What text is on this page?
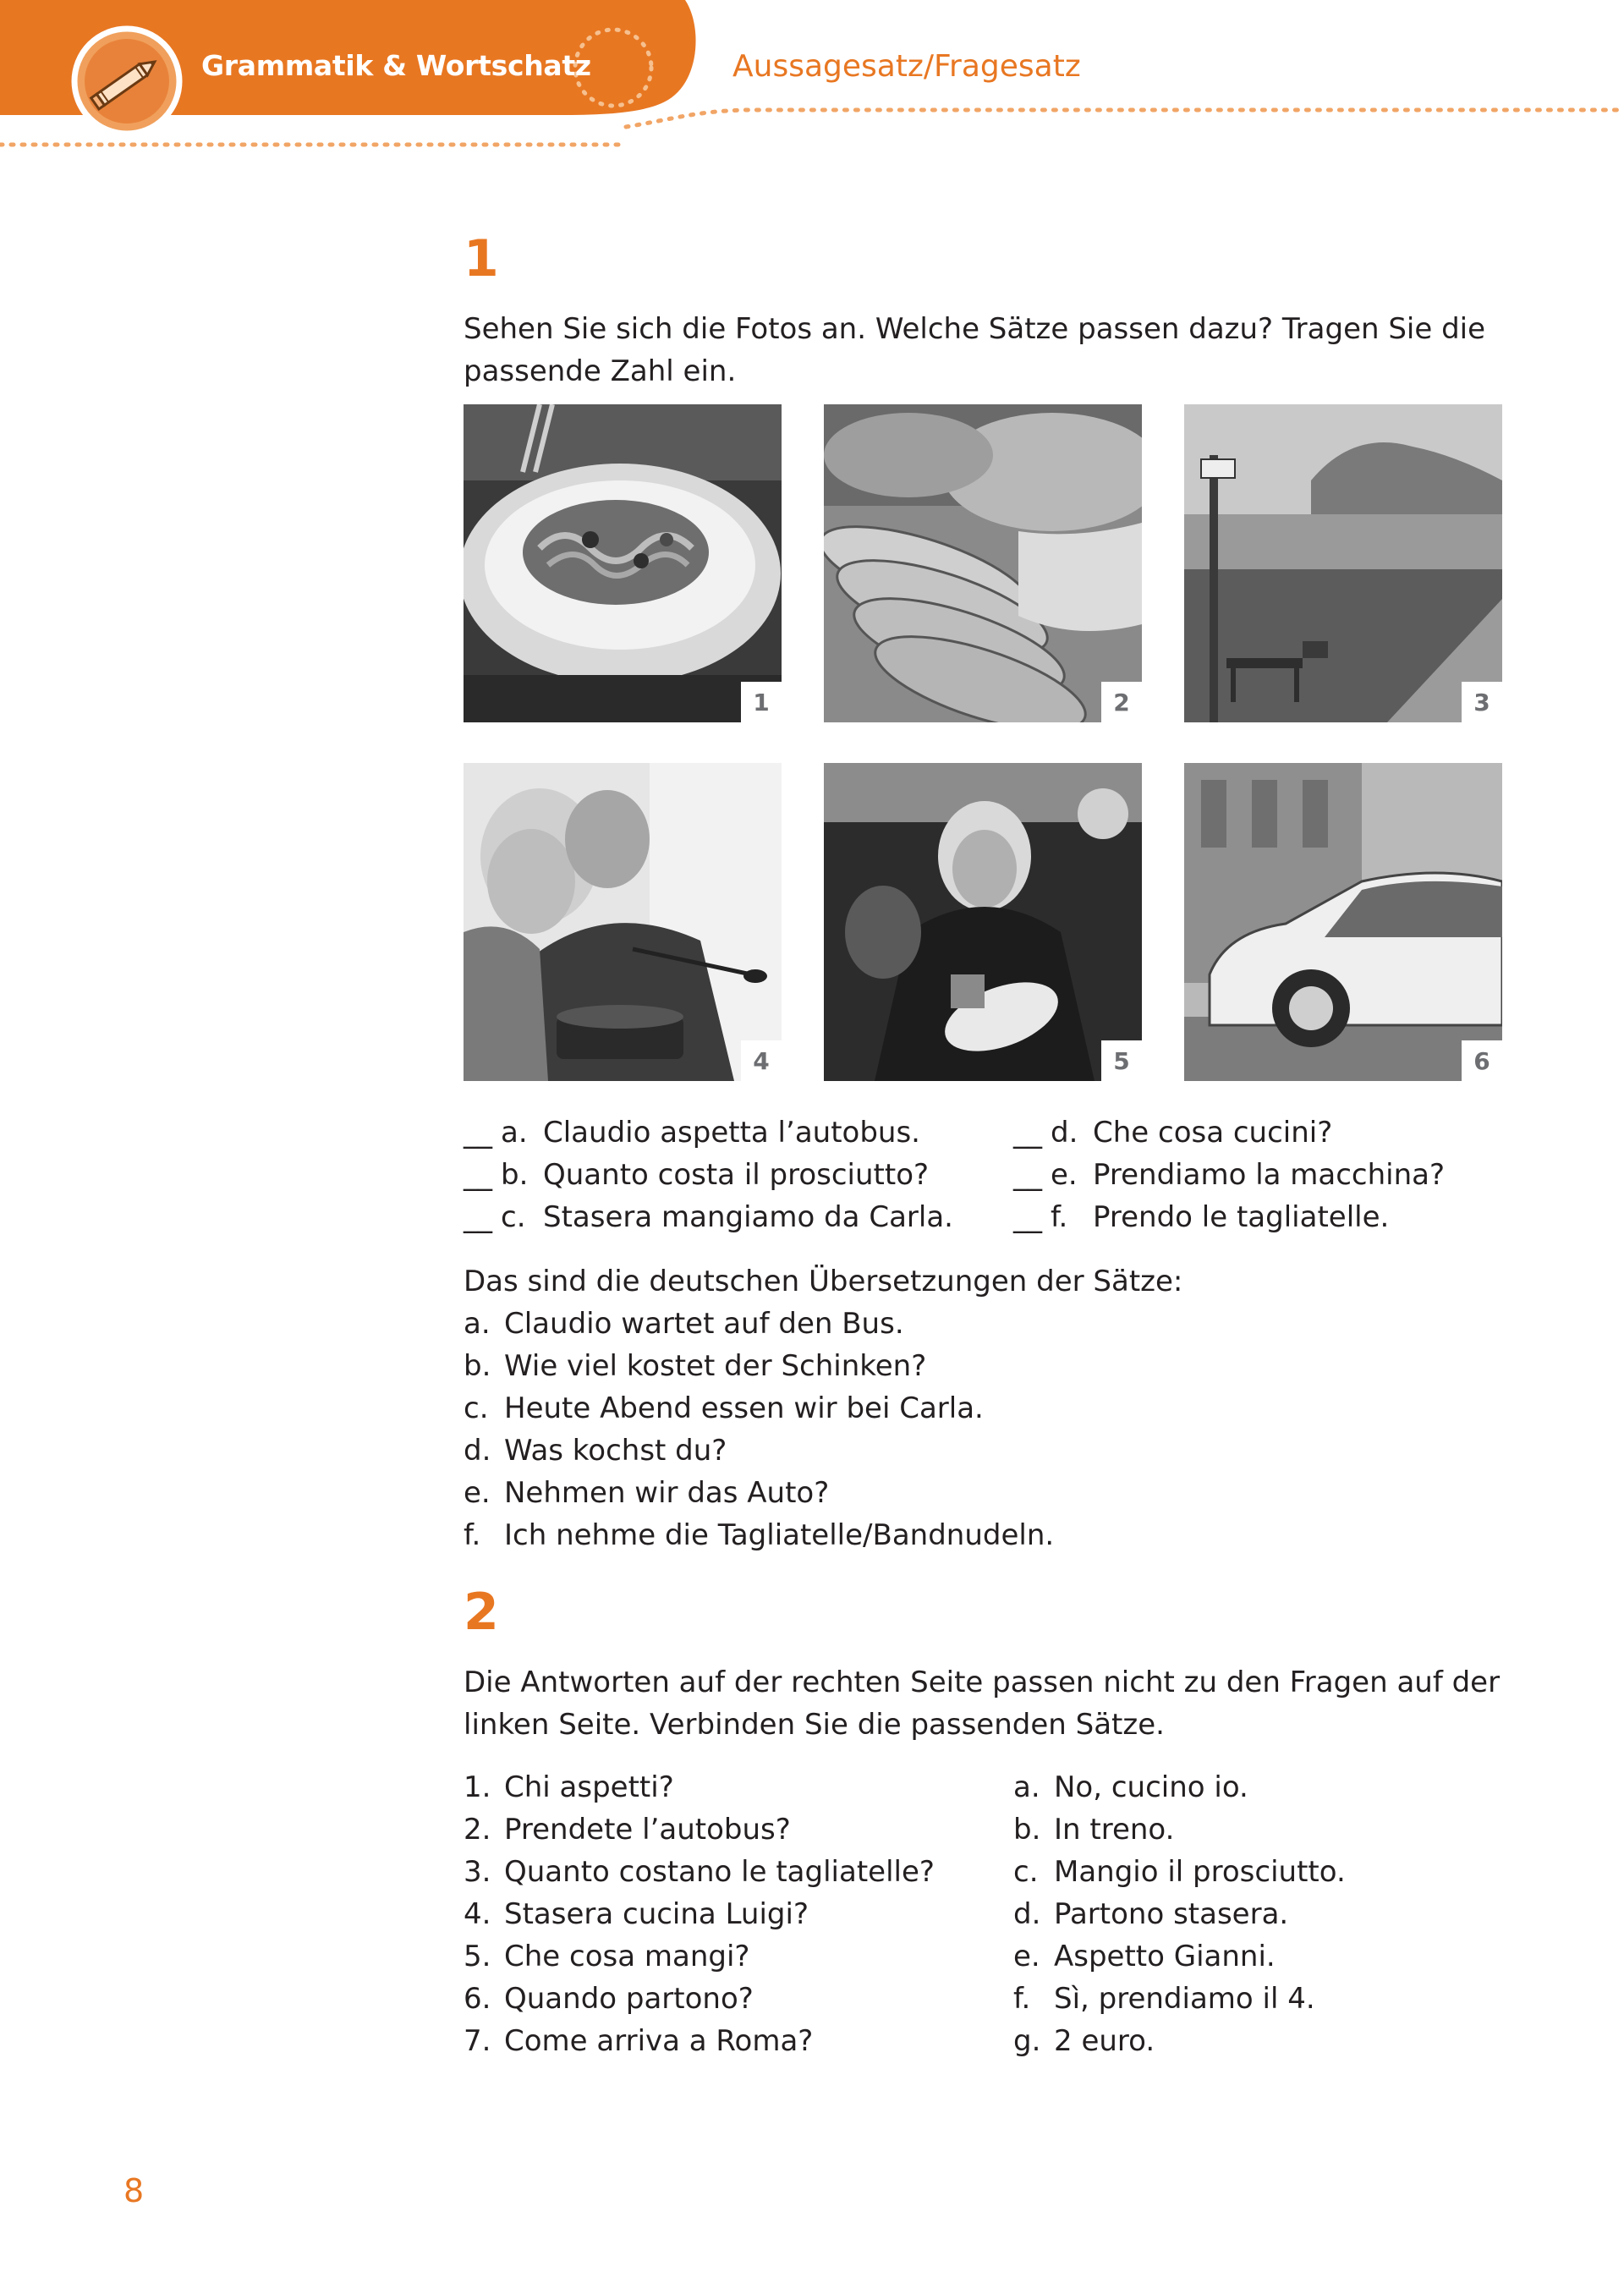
Grammatik & Wortschatz	Aussagesatz/Fragesatz
1

Sehen Sie sich die Fotos an. Welche Sätze passen dazu? Tragen Sie die

passende Zahl ein.

1	2	3
4	5	6
__ a. Claudio aspetta l’autobus.
__ b. Quanto costa il prosciutto?
__ c. Stasera mangiamo da Carla.
__ d. Che cosa cucini?
__ e. Prendiamo la macchina?
__ f. Prendo le tagliatelle.

Das sind die deutschen Übersetzungen der Sätze:

a. Claudio wartet auf den Bus.
b. Wie viel kostet der Schinken?
c. Heute Abend essen wir bei Carla.
d. Was kochst du?
e. Nehmen wir das Auto?
f. Ich nehme die Tagliatelle/Bandnudeln.
2

Die Antworten auf der rechten Seite passen nicht zu den Fragen auf der

linken Seite. Verbinden Sie die passenden Sätze.

1. Chi aspetti?
2. Prendete l’autobus?
3. Quanto costano le tagliatelle?
4. Stasera cucina Luigi?
5. Che cosa mangi?
6. Quando partono?
7. Come arriva a Roma?
a. No, cucino io.
b. In treno.
c. Mangio il prosciutto.
d. Partono stasera.
e. Aspetto Gianni.
f. Sì, prendiamo il 4.
g. 2 euro.
8
